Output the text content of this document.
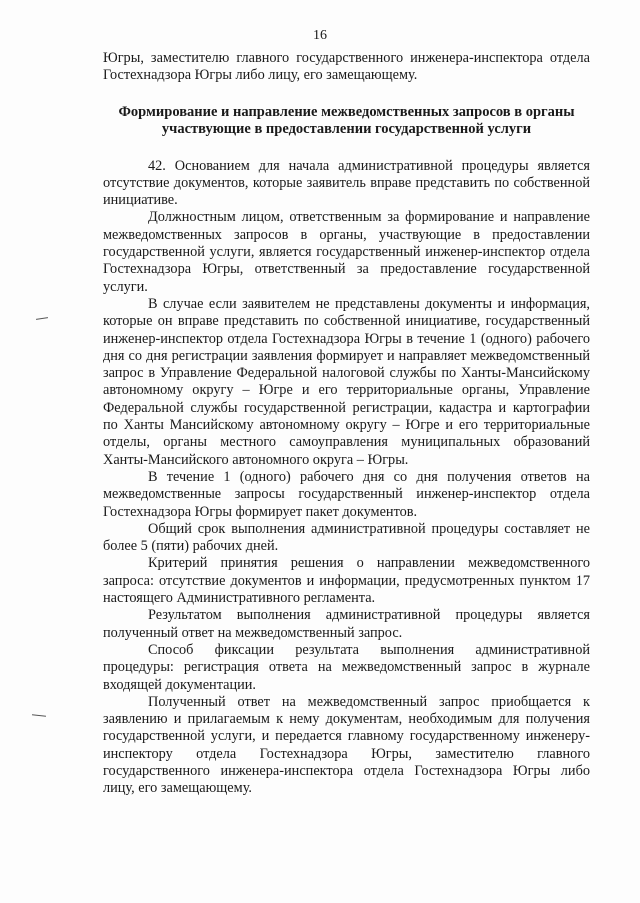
16

Югры, заместителю главного государственного инженера-инспектора отдела Гостехнадзора Югры либо лицу, его замещающему.

Формирование и направление межведомственных запросов в органы участвующие в предоставлении государственной услуги

42. Основанием для начала административной процедуры является отсутствие документов, которые заявитель вправе представить по собственной инициативе.

Должностным лицом, ответственным за формирование и направление межведомственных запросов в органы, участвующие в предоставлении государственной услуги, является государственный инженер-инспектор отдела Гостехнадзора Югры, ответственный за предоставление государственной услуги.

В случае если заявителем не представлены документы и информация, которые он вправе представить по собственной инициативе, государственный инженер-инспектор отдела Гостехнадзора Югры в течение 1 (одного) рабочего дня со дня регистрации заявления формирует и направляет межведомственный запрос в Управление Федеральной налоговой службы по Ханты-Мансийскому автономному округу – Югре и его территориальные органы, Управление Федеральной службы государственной регистрации, кадастра и картографии по Ханты Мансийскому автономному округу – Югре и его территориальные отделы, органы местного самоуправления муниципальных образований Ханты-Мансийского автономного округа – Югры.

В течение 1 (одного) рабочего дня со дня получения ответов на межведомственные запросы государственный инженер-инспектор отдела Гостехнадзора Югры формирует пакет документов.

Общий срок выполнения административной процедуры составляет не более 5 (пяти) рабочих дней.

Критерий принятия решения о направлении межведомственного запроса: отсутствие документов и информации, предусмотренных пунктом 17 настоящего Административного регламента.

Результатом выполнения административной процедуры является полученный ответ на межведомственный запрос.

Способ фиксации результата выполнения административной процедуры: регистрация ответа на межведомственный запрос в журнале входящей документации.

Полученный ответ на межведомственный запрос приобщается к заявлению и прилагаемым к нему документам, необходимым для получения государственной услуги, и передается главному государственному инженеру-инспектору отдела Гостехнадзора Югры, заместителю главного государственного инженера-инспектора отдела Гостехнадзора Югры либо лицу, его замещающему.
